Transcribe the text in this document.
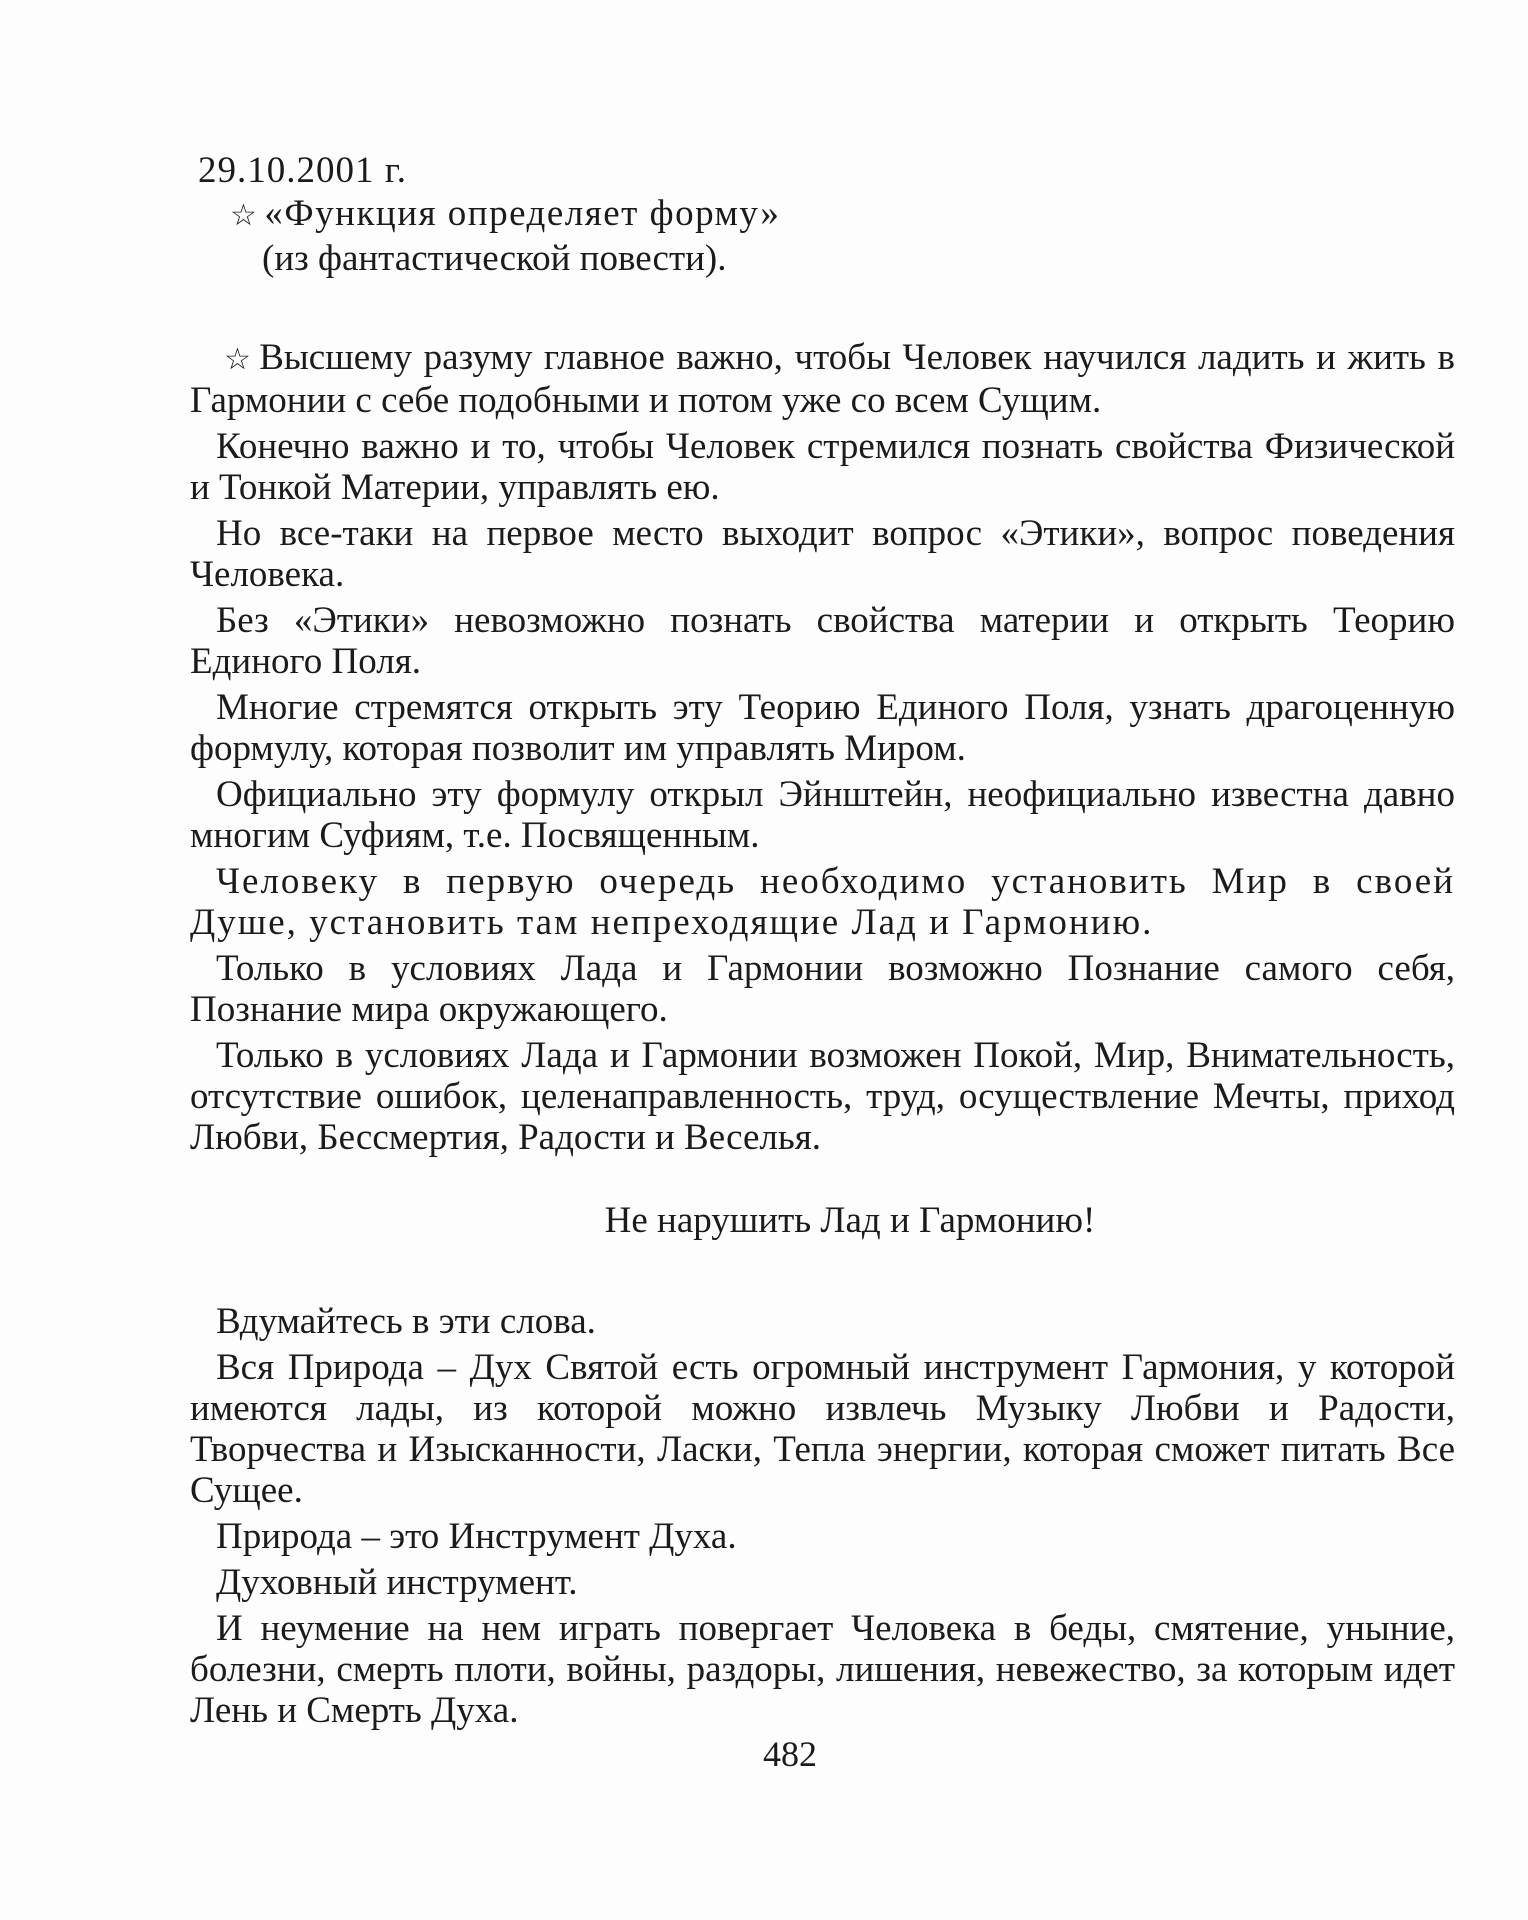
29.10.2001 г.

☆ «Функция определяет форму»

(из фантастической повести).

☆ Высшему разуму главное важно, чтобы Человек научился ладить и жить в Гармонии с себе подобными и потом уже со всем Сущим.

Конечно важно и то, чтобы Человек стремился познать свойства Физической и Тонкой Материи, управлять ею.

Но все-таки на первое место выходит вопрос «Этики», вопрос поведения Человека.

Без «Этики» невозможно познать свойства материи и открыть Теорию Единого Поля.

Многие стремятся открыть эту Теорию Единого Поля, узнать драгоценную формулу, которая позволит им управлять Миром.

Официально эту формулу открыл Эйнштейн, неофициально известна давно многим Суфиям, т.е. Посвященным.

Человеку в первую очередь необходимо установить Мир в своей Душе, установить там непреходящие Лад и Гармонию.

Только в условиях Лада и Гармонии возможно Познание самого себя, Познание мира окружающего.

Только в условиях Лада и Гармонии возможен Покой, Мир, Внимательность, отсутствие ошибок, целенаправленность, труд, осуществление Мечты, приход Любви, Бессмертия, Радости и Веселья.

Не нарушить Лад и Гармонию!

Вдумайтесь в эти слова.

Вся Природа – Дух Святой есть огромный инструмент Гармония, у которой имеются лады, из которой можно извлечь Музыку Любви и Радости, Творчества и Изысканности, Ласки, Тепла энергии, которая сможет питать Все Сущее.

Природа – это Инструмент Духа.

Духовный инструмент.

И неумение на нем играть повергает Человека в беды, смятение, уныние, болезни, смерть плоти, войны, раздоры, лишения, невежество, за которым идет Лень и Смерть Духа.

482
